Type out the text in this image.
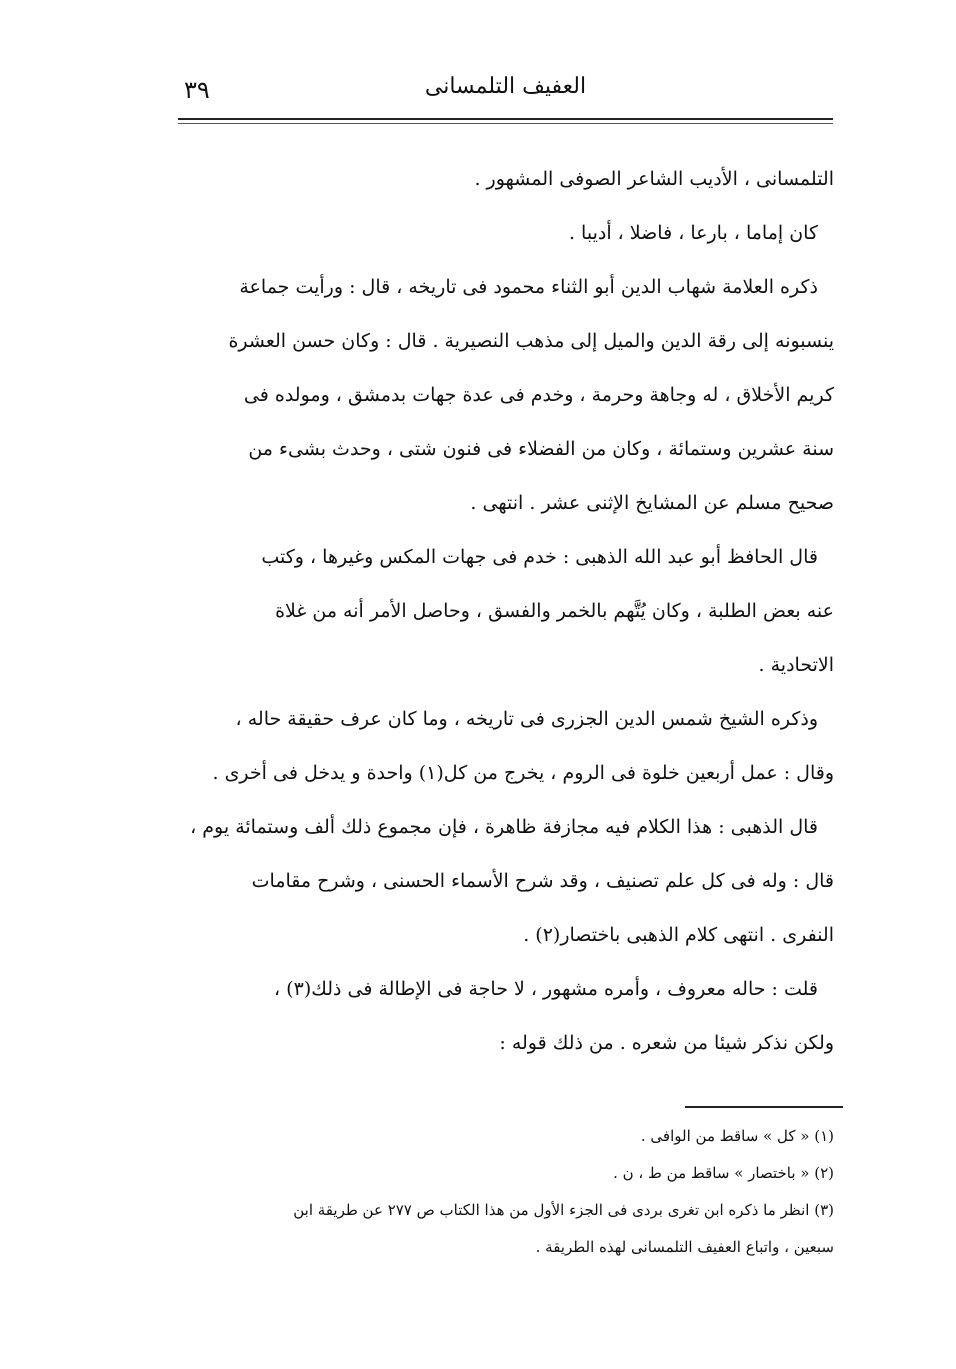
٣٩	العفيف التلمسانى
التلمسانى ، الأديب الشاعر الصوفى المشهور .
كان إماما ، بارعا ، فاضلا ، أديبا .
ذكره العلامة شهاب الدين أبو الثناء محمود فى تاريخه ، قال : ورأيت جماعة
ينسبونه إلى رقة الدين والميل إلى مذهب النصيرية . قال : وكان حسن العشرة
كريم الأخلاق ، له وجاهة وحرمة ، وخدم فى عدة جهات بدمشق ، ومولده فى
سنة عشرين وستمائة ، وكان من الفضلاء فى فنون شتى ، وحدث بشىء من
صحيح مسلم عن المشايخ الإثنى عشر . انتهى .
قال الحافظ أبو عبد الله الذهبى : خدم فى جهات المكس وغيرها ، وكتب
عنه بعض الطلبة ، وكان يُتَّهم بالخمر والفسق ، وحاصل الأمر أنه من غلاة
الاتحادية .
وذكره الشيخ شمس الدين الجزرى فى تاريخه ، وما كان عرف حقيقة حاله ،
وقال : عمل أربعين خلوة فى الروم ، يخرج من كل(١) واحدة و يدخل فى أخرى .
قال الذهبى : هذا الكلام فيه مجازفة ظاهرة ، فإن مجموع ذلك ألف وستمائة يوم ،
قال : وله فى كل علم تصنيف ، وقد شرح الأسماء الحسنى ، وشرح مقامات
النفرى . انتهى كلام الذهبى باختصار(٢) .
قلت : حاله معروف ، وأمره مشهور ، لا حاجة فى الإطالة فى ذلك(٣) ،
ولكن نذكر شيئا من شعره . من ذلك قوله :
(١) « كل » ساقط من الوافى .
(٢) « باختصار » ساقط من ط ، ن .
(٣) انظر ما ذكره ابن تغرى بردى فى الجزء الأول من هذا الكتاب ص ٢٧٧ عن طريقة ابن
سبعين ، واتباع العفيف التلمسانى لهذه الطريقة .
